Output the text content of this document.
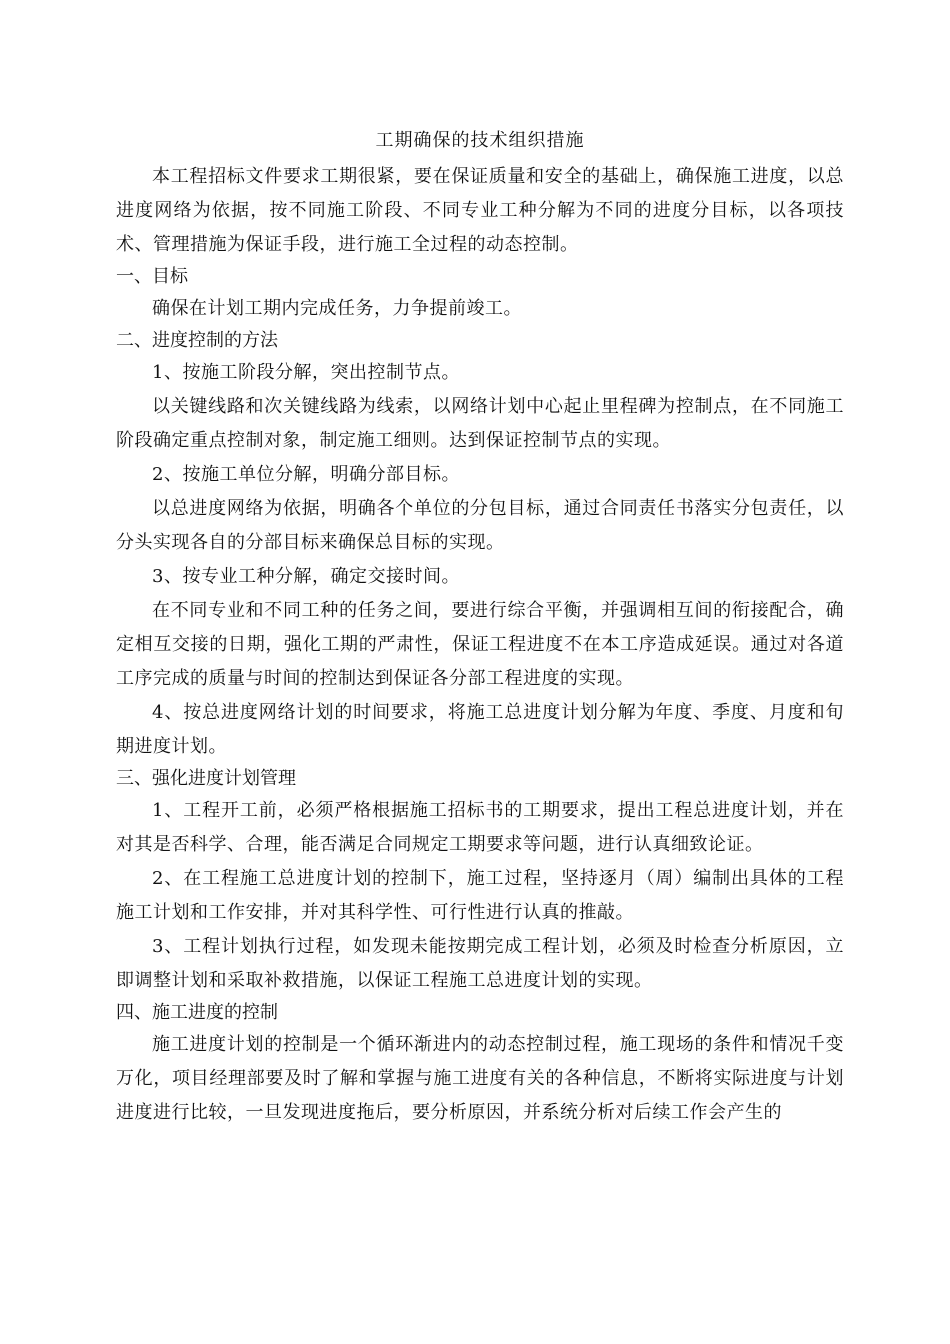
工期确保的技术组织措施

本工程招标文件要求工期很紧，要在保证质量和安全的基础上，确保施工进度，以总进度网络为依据，按不同施工阶段、不同专业工种分解为不同的进度分目标，以各项技术、管理措施为保证手段，进行施工全过程的动态控制。

一、目标

确保在计划工期内完成任务，力争提前竣工。

二、进度控制的方法

1、按施工阶段分解，突出控制节点。

以关键线路和次关键线路为线索，以网络计划中心起止里程碑为控制点，在不同施工阶段确定重点控制对象，制定施工细则。达到保证控制节点的实现。

2、按施工单位分解，明确分部目标。

以总进度网络为依据，明确各个单位的分包目标，通过合同责任书落实分包责任，以分头实现各自的分部目标来确保总目标的实现。

3、按专业工种分解，确定交接时间。

在不同专业和不同工种的任务之间，要进行综合平衡，并强调相互间的衔接配合，确定相互交接的日期，强化工期的严肃性，保证工程进度不在本工序造成延误。通过对各道工序完成的质量与时间的控制达到保证各分部工程进度的实现。

4、按总进度网络计划的时间要求，将施工总进度计划分解为年度、季度、月度和旬期进度计划。

三、强化进度计划管理

1、工程开工前，必须严格根据施工招标书的工期要求，提出工程总进度计划，并在对其是否科学、合理，能否满足合同规定工期要求等问题，进行认真细致论证。

2、在工程施工总进度计划的控制下，施工过程，坚持逐月（周）编制出具体的工程施工计划和工作安排，并对其科学性、可行性进行认真的推敲。

3、工程计划执行过程，如发现未能按期完成工程计划，必须及时检查分析原因，立即调整计划和采取补救措施，以保证工程施工总进度计划的实现。

四、施工进度的控制

施工进度计划的控制是一个循环渐进内的动态控制过程，施工现场的条件和情况千变万化，项目经理部要及时了解和掌握与施工进度有关的各种信息，不断将实际进度与计划进度进行比较，一旦发现进度拖后，要分析原因，并系统分析对后续工作会产生的
